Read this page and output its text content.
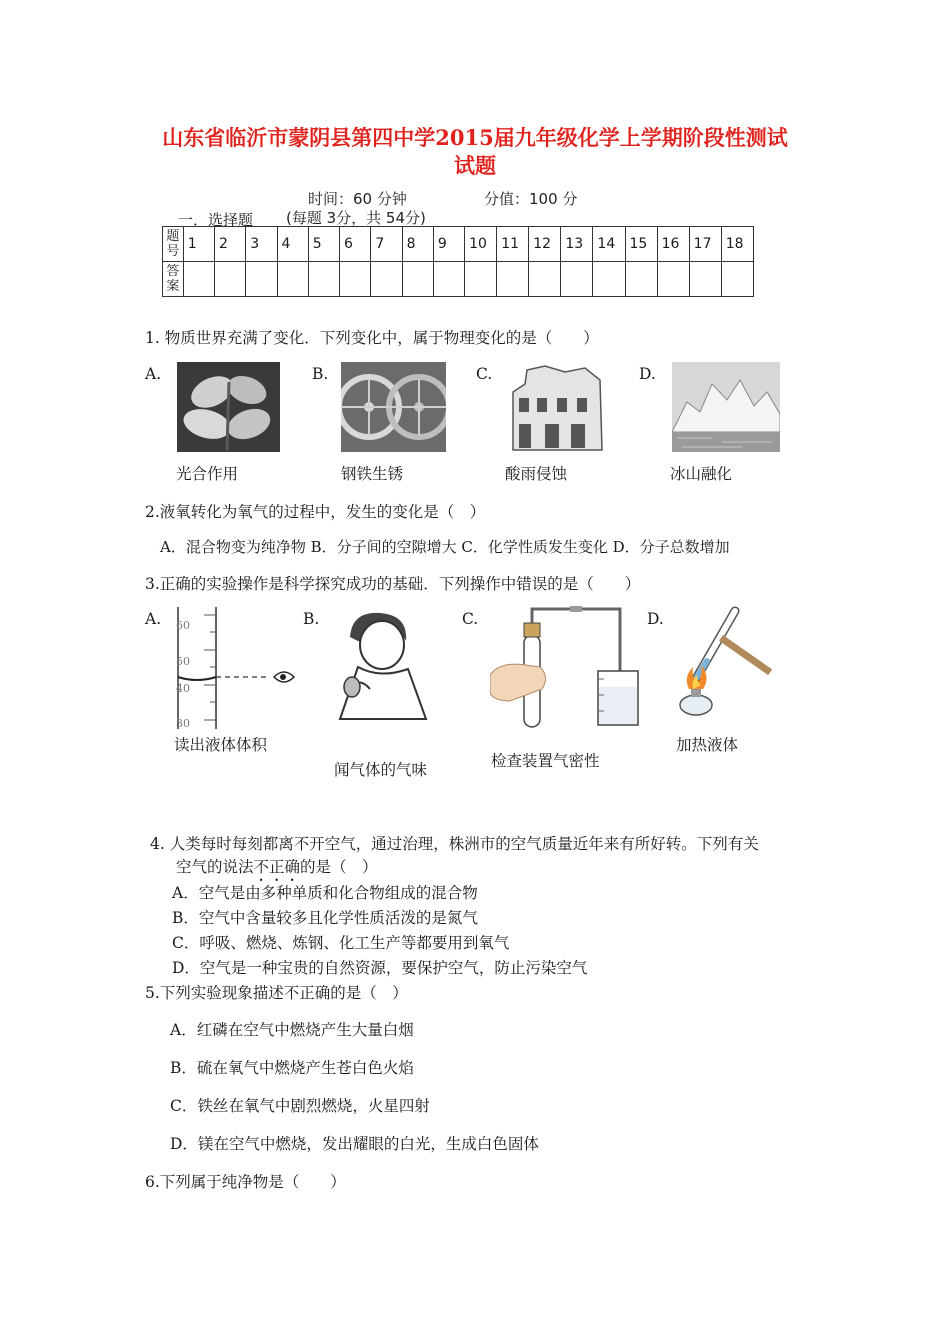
山东省临沂市蒙阴县第四中学2015届九年级化学上学期阶段性测试
试题
时间：60 分钟	分值：100 分
一．选择题 (每题 3分，共 54分)
题号	1	2	3	4	5	6	7	8	9	10	11	12	13	14	15	16	17	18
答案																		
1. 物质世界充满了变化．下列变化中，属于物理变化的是（　　）
A.
光合作用
B.
钢铁生锈
C.
酸雨侵蚀
D.
冰山融化
2.液氧转化为氧气的过程中，发生的变化是（　）
A．混合物变为纯净物 B．分子间的空隙增大 C．化学性质发生变化 D．分子总数增加
3.正确的实验操作是科学探究成功的基础．下列操作中错误的是（　　）
A. 60
50
40
30
读出液体体积
B.
闻气体的气味
C.
检查装置气密性
D.
加热液体
4. 人类每时每刻都离不开空气，通过治理，株洲市的空气质量近年来有所好转。下列有关
空气的说法不正确的是（　）
A．空气是由多种单质和化合物组成的混合物
B．空气中含量较多且化学性质活泼的是氮气
C．呼吸、燃烧、炼钢、化工生产等都要用到氧气
D．空气是一种宝贵的自然资源，要保护空气，防止污染空气
5.下列实验现象描述不正确的是（　）
A．红磷在空气中燃烧产生大量白烟
B．硫在氧气中燃烧产生苍白色火焰
C．铁丝在氧气中剧烈燃烧，火星四射
D．镁在空气中燃烧，发出耀眼的白光，生成白色固体
6.下列属于纯净物是（　　）
